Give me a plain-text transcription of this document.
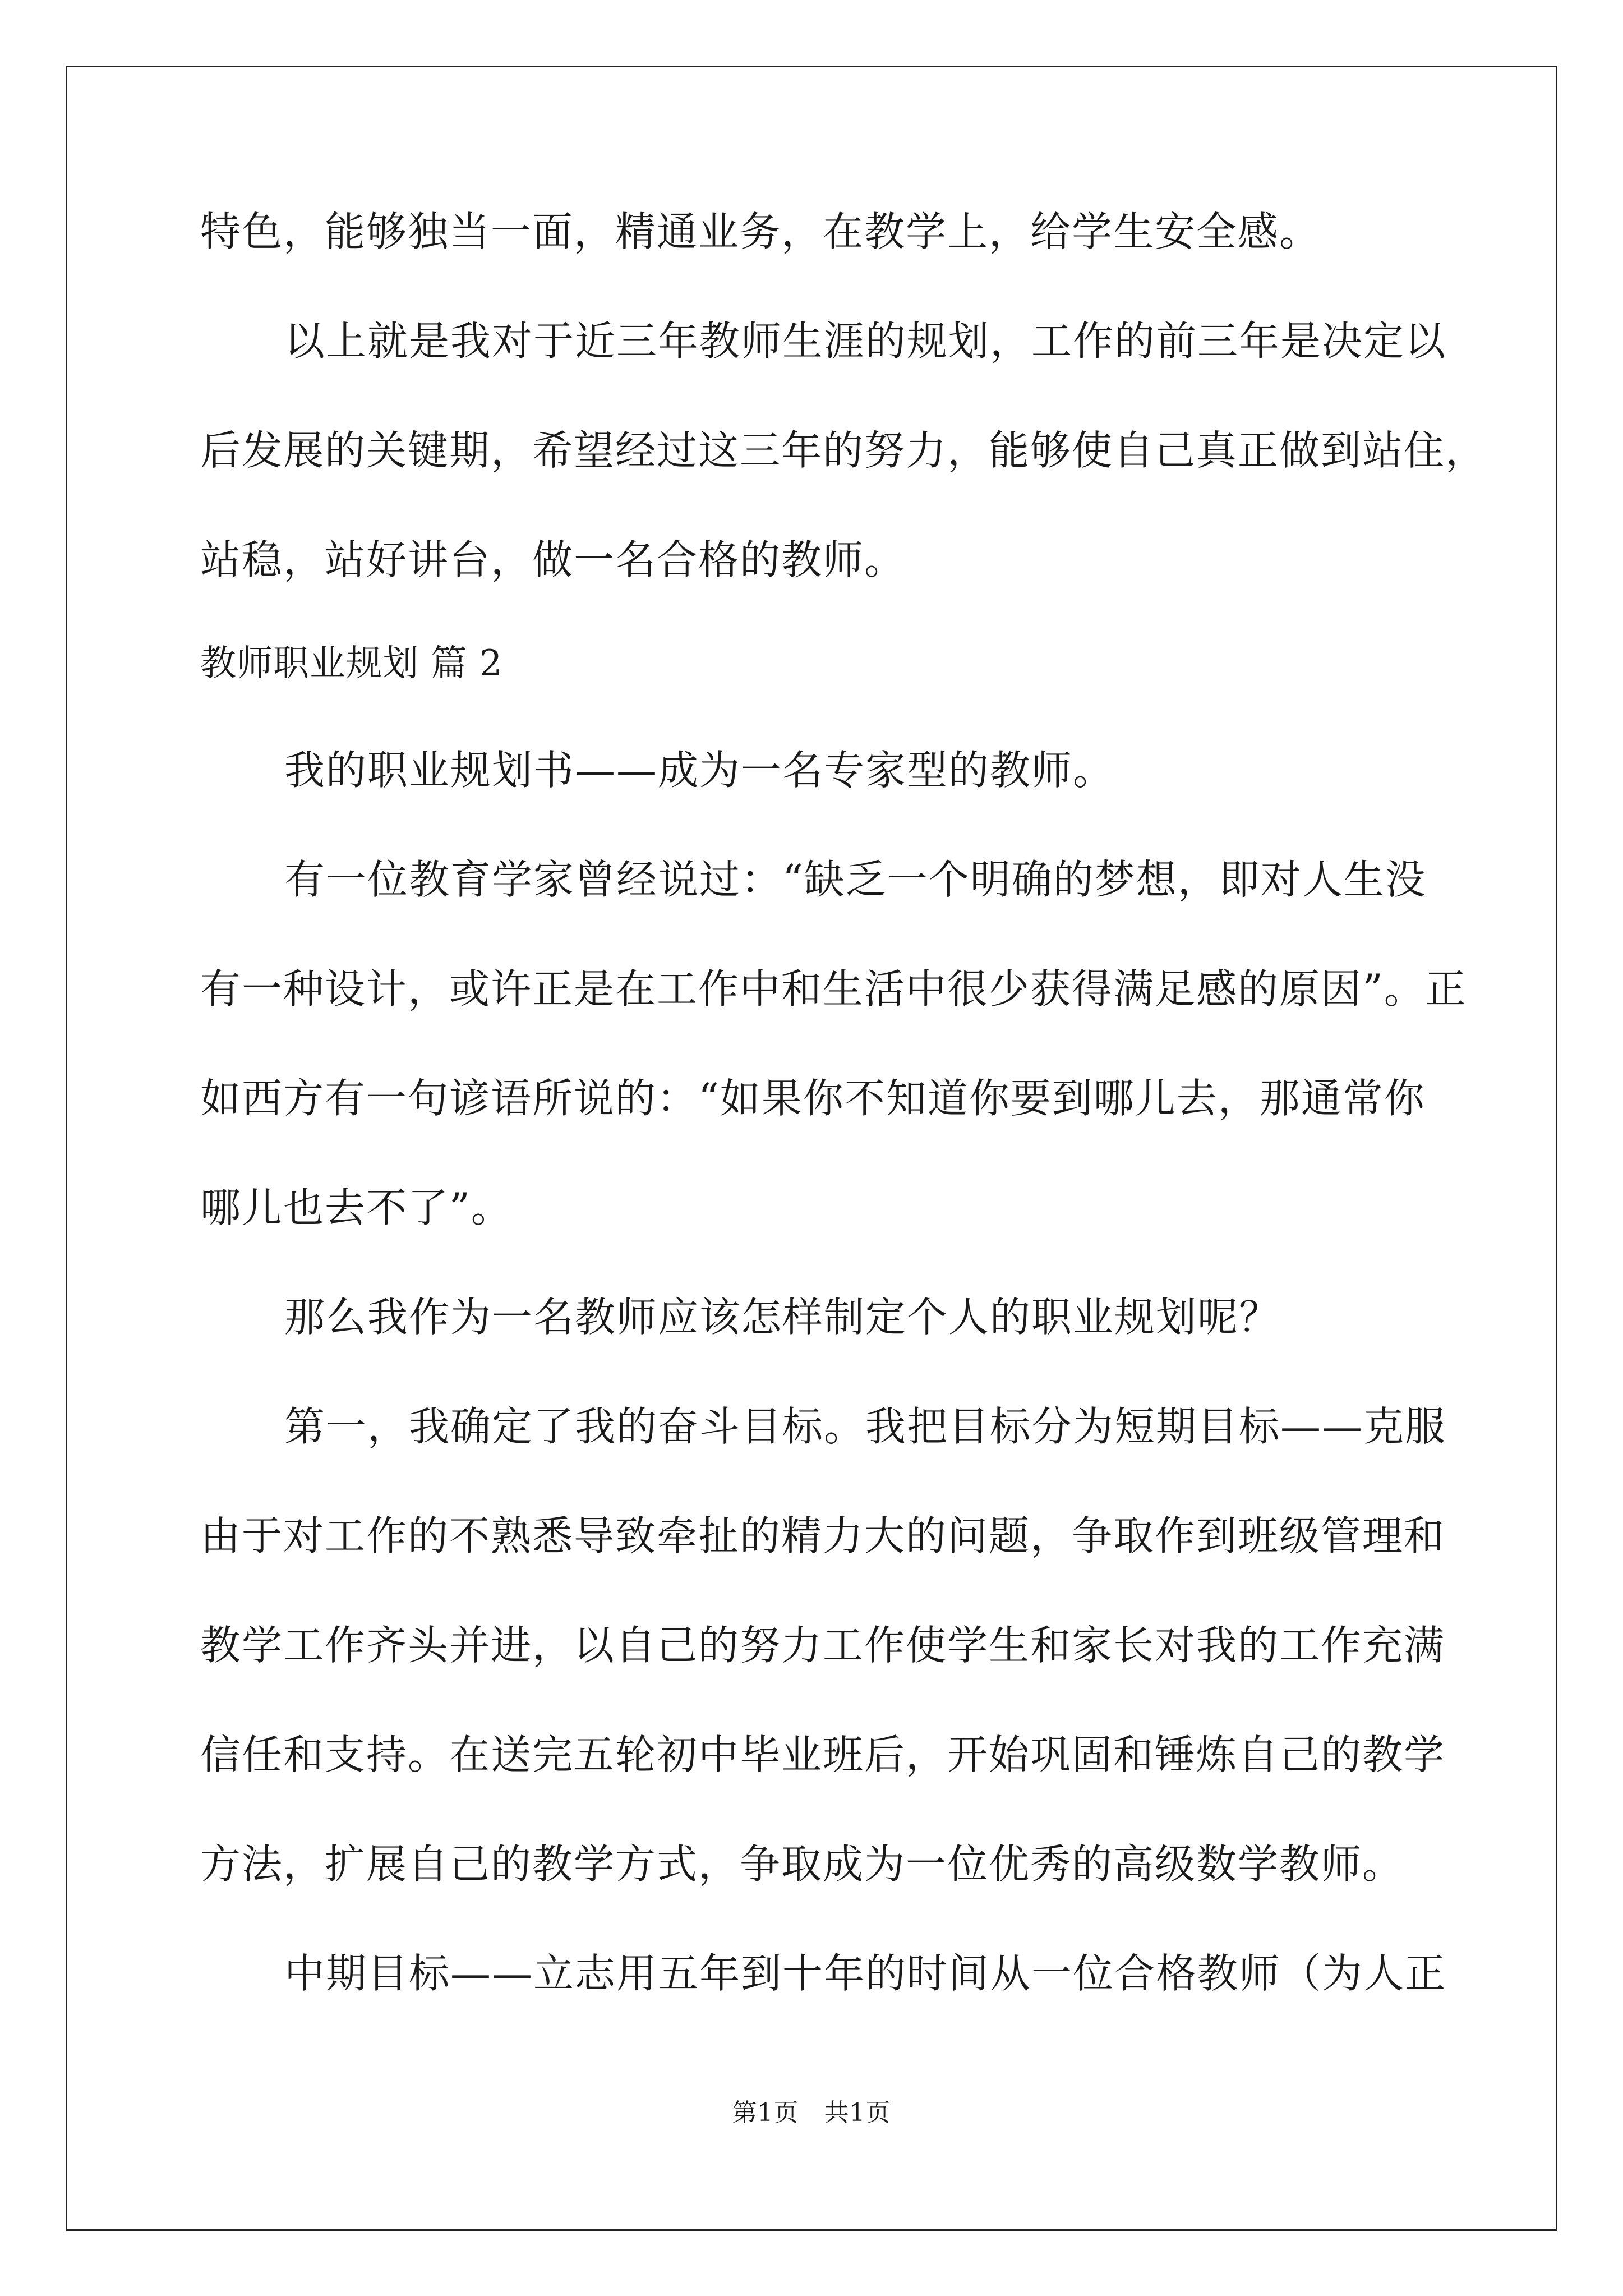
特色，能够独当一面，精通业务，在教学上，给学生安全感。
以上就是我对于近三年教师生涯的规划，工作的前三年是决定以
后发展的关键期，希望经过这三年的努力，能够使自己真正做到站住，
站稳，站好讲台，做一名合格的教师。
教师职业规划 篇 2
我的职业规划书——成为一名专家型的教师。
有一位教育学家曾经说过：“缺乏一个明确的梦想，即对人生没
有一种设计，或许正是在工作中和生活中很少获得满足感的原因”。正
如西方有一句谚语所说的：“如果你不知道你要到哪儿去，那通常你
哪儿也去不了”。
那么我作为一名教师应该怎样制定个人的职业规划呢？
第一，我确定了我的奋斗目标。我把目标分为短期目标——克服
由于对工作的不熟悉导致牵扯的精力大的问题，争取作到班级管理和
教学工作齐头并进，以自己的努力工作使学生和家长对我的工作充满
信任和支持。在送完五轮初中毕业班后，开始巩固和锤炼自己的教学
方法，扩展自己的教学方式，争取成为一位优秀的高级数学教师。
中期目标——立志用五年到十年的时间从一位合格教师（为人正
第1页　共1页
